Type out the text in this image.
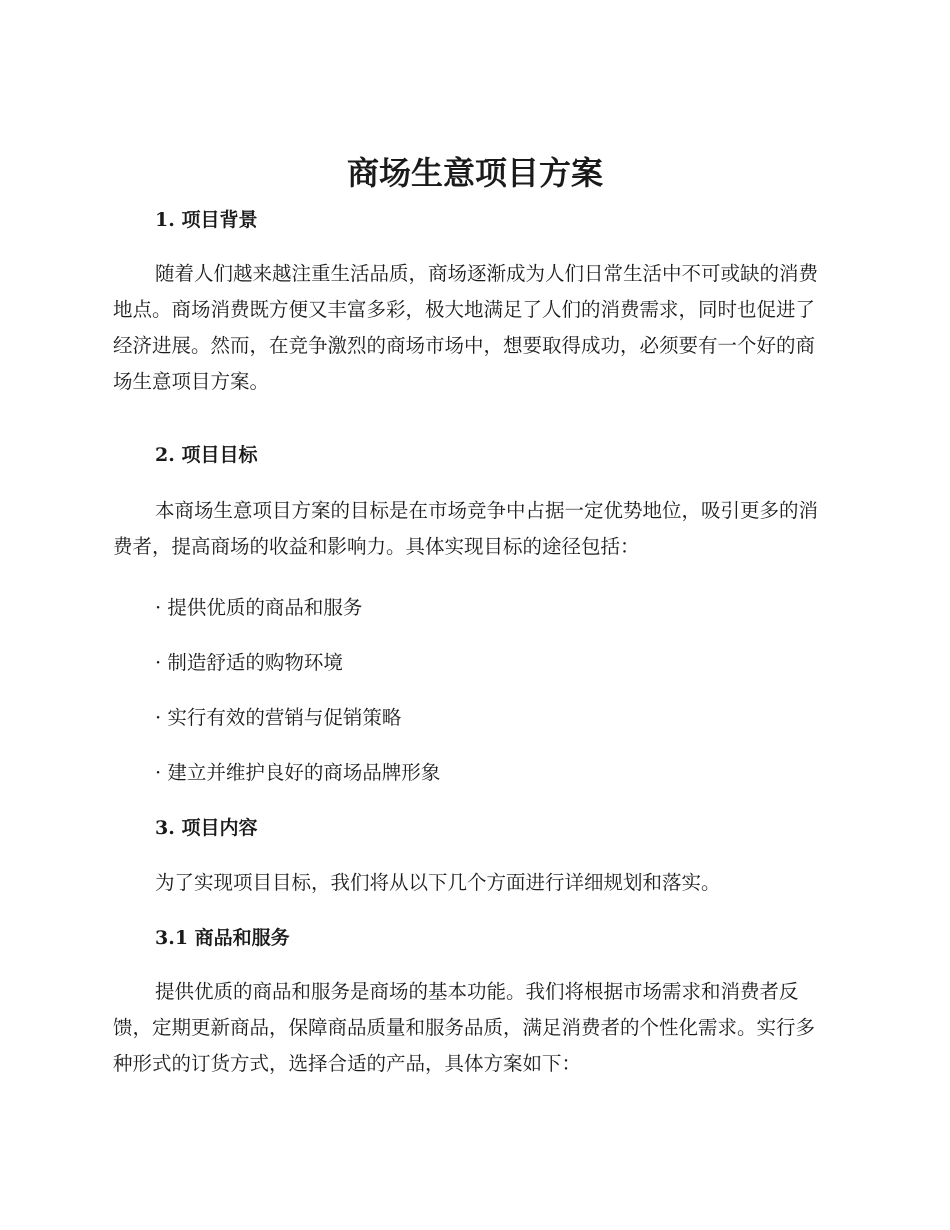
商场生意项目方案

1. 项目背景

随着人们越来越注重生活品质，商场逐渐成为人们日常生活中不可或缺的消费地点。商场消费既方便又丰富多彩，极大地满足了人们的消费需求，同时也促进了经济进展。然而，在竞争激烈的商场市场中，想要取得成功，必须要有一个好的商场生意项目方案。

2. 项目目标

本商场生意项目方案的目标是在市场竞争中占据一定优势地位，吸引更多的消费者，提高商场的收益和影响力。具体实现目标的途径包括：

· 提供优质的商品和服务

· 制造舒适的购物环境

· 实行有效的营销与促销策略

· 建立并维护良好的商场品牌形象

3. 项目内容

为了实现项目目标，我们将从以下几个方面进行详细规划和落实。

3.1 商品和服务

提供优质的商品和服务是商场的基本功能。我们将根据市场需求和消费者反馈，定期更新商品，保障商品质量和服务品质，满足消费者的个性化需求。实行多种形式的订货方式，选择合适的产品，具体方案如下：
